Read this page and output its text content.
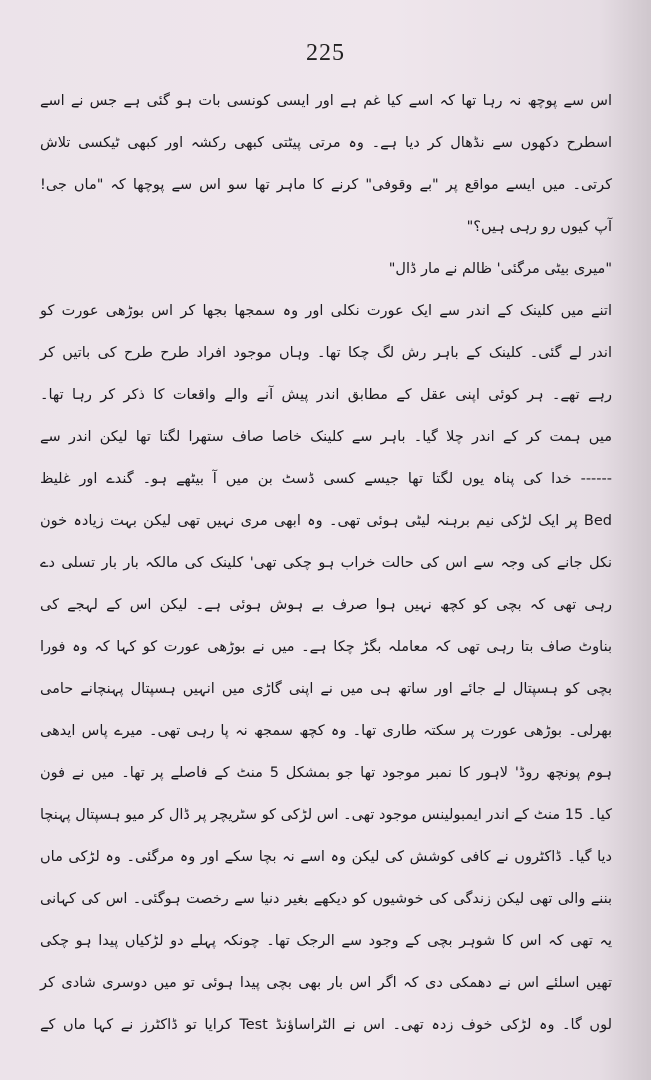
225
اس سے پوچھ نہ رہا تھا کہ اسے کیا غم ہے اور ایسی کونسی بات ہو گئی ہے جس نے اسے
اسطرح دکھوں سے نڈھال کر دیا ہے۔ وہ مرتی پیٹتی کبھی رکشہ اور کبھی ٹیکسی تلاش
کرتی۔ میں ایسے مواقع پر "بے وقوفی" کرنے کا ماہر تھا سو اس سے پوچھا کہ "ماں جی!
آپ کیوں رو رہی ہیں؟"
"میری بیٹی مرگئی' ظالم نے مار ڈال"
اتنے میں کلینک کے اندر سے ایک عورت نکلی اور وہ سمجھا بجھا کر اس بوڑھی عورت کو
اندر لے گئی۔ کلینک کے باہر رش لگ چکا تھا۔ وہاں موجود افراد طرح طرح کی باتیں کر
رہے تھے۔ ہر کوئی اپنی عقل کے مطابق اندر پیش آنے والے واقعات کا ذکر کر رہا تھا۔
میں ہمت کر کے اندر چلا گیا۔ باہر سے کلینک خاصا صاف ستھرا لگتا تھا لیکن اندر سے
------ خدا کی پناہ یوں لگتا تھا جیسے کسی ڈسٹ بن میں آ بیٹھے ہو۔ گندے اور غلیظ
Bed پر ایک لڑکی نیم برہنہ لیٹی ہوئی تھی۔ وہ ابھی مری نہیں تھی لیکن بہت زیادہ خون
نکل جانے کی وجہ سے اس کی حالت خراب ہو چکی تھی' کلینک کی مالکہ بار بار تسلی دے
رہی تھی کہ بچی کو کچھ نہیں ہوا صرف بے ہوش ہوئی ہے۔ لیکن اس کے لہجے کی
بناوٹ صاف بتا رہی تھی کہ معاملہ بگڑ چکا ہے۔ میں نے بوڑھی عورت کو کہا کہ وہ فورا
بچی کو ہسپتال لے جائے اور ساتھ ہی میں نے اپنی گاڑی میں انہیں ہسپتال پہنچانے حامی
بھرلی۔ بوڑھی عورت پر سکتہ طاری تھا۔ وہ کچھ سمجھ نہ پا رہی تھی۔ میرے پاس ایدھی
ہوم پونچھ روڈ' لاہور کا نمبر موجود تھا جو بمشکل 5 منٹ کے فاصلے پر تھا۔ میں نے فون
کیا۔ 15 منٹ کے اندر ایمبولینس موجود تھی۔ اس لڑکی کو سٹریچر پر ڈال کر میو ہسپتال پہنچا
دیا گیا۔ ڈاکٹروں نے کافی کوشش کی لیکن وہ اسے نہ بچا سکے اور وہ مرگئی۔ وہ لڑکی ماں
بننے والی تھی لیکن زندگی کی خوشیوں کو دیکھے بغیر دنیا سے رخصت ہوگئی۔ اس کی کہانی
یہ تھی کہ اس کا شوہر بچی کے وجود سے الرجک تھا۔ چونکہ پہلے دو لڑکیاں پیدا ہو چکی
تھیں اسلئے اس نے دھمکی دی کہ اگر اس بار بھی بچی پیدا ہوئی تو میں دوسری شادی کر
لوں گا۔ وہ لڑکی خوف زدہ تھی۔ اس نے الٹراساؤنڈ Test کرایا تو ڈاکٹرز نے کہا ماں کے
